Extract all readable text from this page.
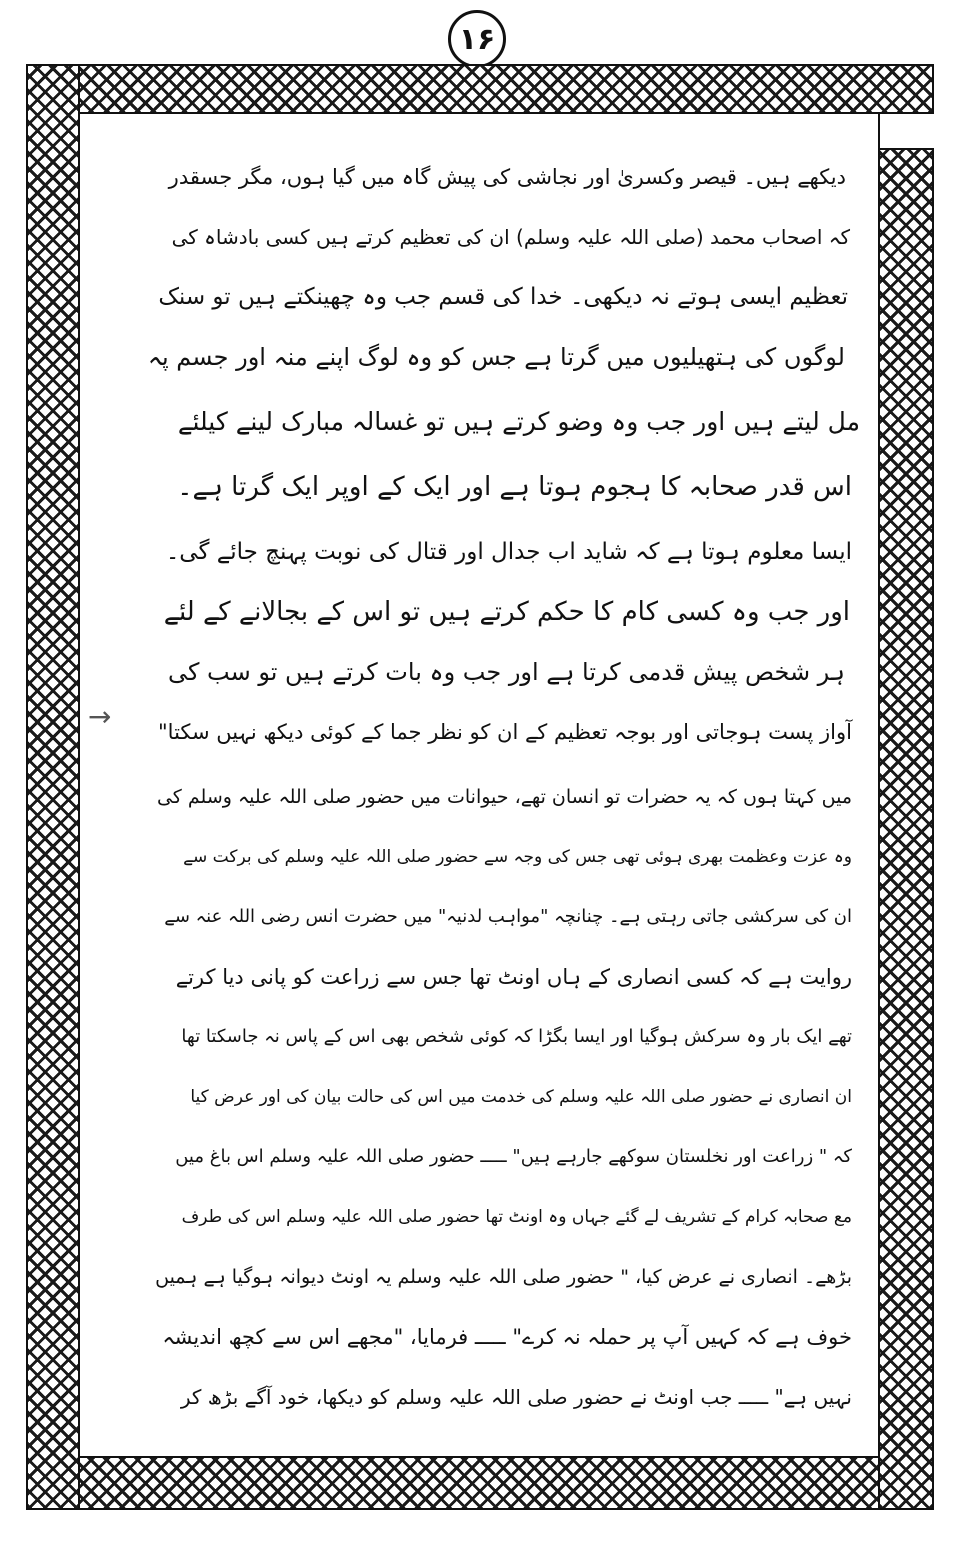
۱۶
→
دیکھے ہیں۔ قیصر وکسریٰ اور نجاشی کی پیش گاہ میں گیا ہوں، مگر جسقدر
کہ اصحاب محمد (صلی اللہ علیہ وسلم) ان کی تعظیم کرتے ہیں کسی بادشاہ کی
تعظیم ایسی ہوتے نہ دیکھی۔ خدا کی قسم جب وہ چھینکتے ہیں تو سنک
لوگوں کی ہتھیلیوں میں گرتا ہے جس کو وہ لوگ اپنے منہ اور جسم پہ
مل لیتے ہیں اور جب وہ وضو کرتے ہیں تو غسالہ مبارک لینے کیلئے
اس قدر صحابہ کا ہجوم ہوتا ہے اور ایک کے اوپر ایک گرتا ہے۔
ایسا معلوم ہوتا ہے کہ شاید اب جدال اور قتال کی نوبت پہنچ جائے گی۔
اور جب وہ کسی کام کا حکم کرتے ہیں تو اس کے بجالانے کے لئے
ہر شخص پیش قدمی کرتا ہے اور جب وہ بات کرتے ہیں تو سب کی
آواز پست ہوجاتی اور بوجہ تعظیم کے ان کو نظر جما کے کوئی دیکھ نہیں سکتا"
میں کہتا ہوں کہ یہ حضرات تو انسان تھے، حیوانات میں حضور صلی اللہ علیہ وسلم کی
وہ عزت وعظمت بھری ہوئی تھی جس کی وجہ سے حضور صلی اللہ علیہ وسلم کی برکت سے
ان کی سرکشی جاتی رہتی ہے۔ چنانچہ "مواہب لدنیہ" میں حضرت انس رضی اللہ عنہ سے
روایت ہے کہ کسی انصاری کے ہاں اونٹ تھا جس سے زراعت کو پانی دیا کرتے
تھے ایک بار وہ سرکش ہوگیا اور ایسا بگڑا کہ کوئی شخص بھی اس کے پاس نہ جاسکتا تھا
ان انصاری نے حضور صلی اللہ علیہ وسلم کی خدمت میں اس کی حالت بیان کی اور عرض کیا
کہ " زراعت اور نخلستان سوکھے جارہے ہیں" ـــــ حضور صلی اللہ علیہ وسلم اس باغ میں
مع صحابہ کرام کے تشریف لے گئے جہاں وہ اونٹ تھا حضور صلی اللہ علیہ وسلم اس کی طرف
بڑھے۔ انصاری نے عرض کیا، " حضور صلی اللہ علیہ وسلم یہ اونٹ دیوانہ ہوگیا ہے ہمیں
خوف ہے کہ کہیں آپ پر حملہ نہ کرے" ـــــ فرمایا، "مجھے اس سے کچھ اندیشہ
نہیں ہے" ـــــ جب اونٹ نے حضور صلی اللہ علیہ وسلم کو دیکھا، خود آگے بڑھ کر
